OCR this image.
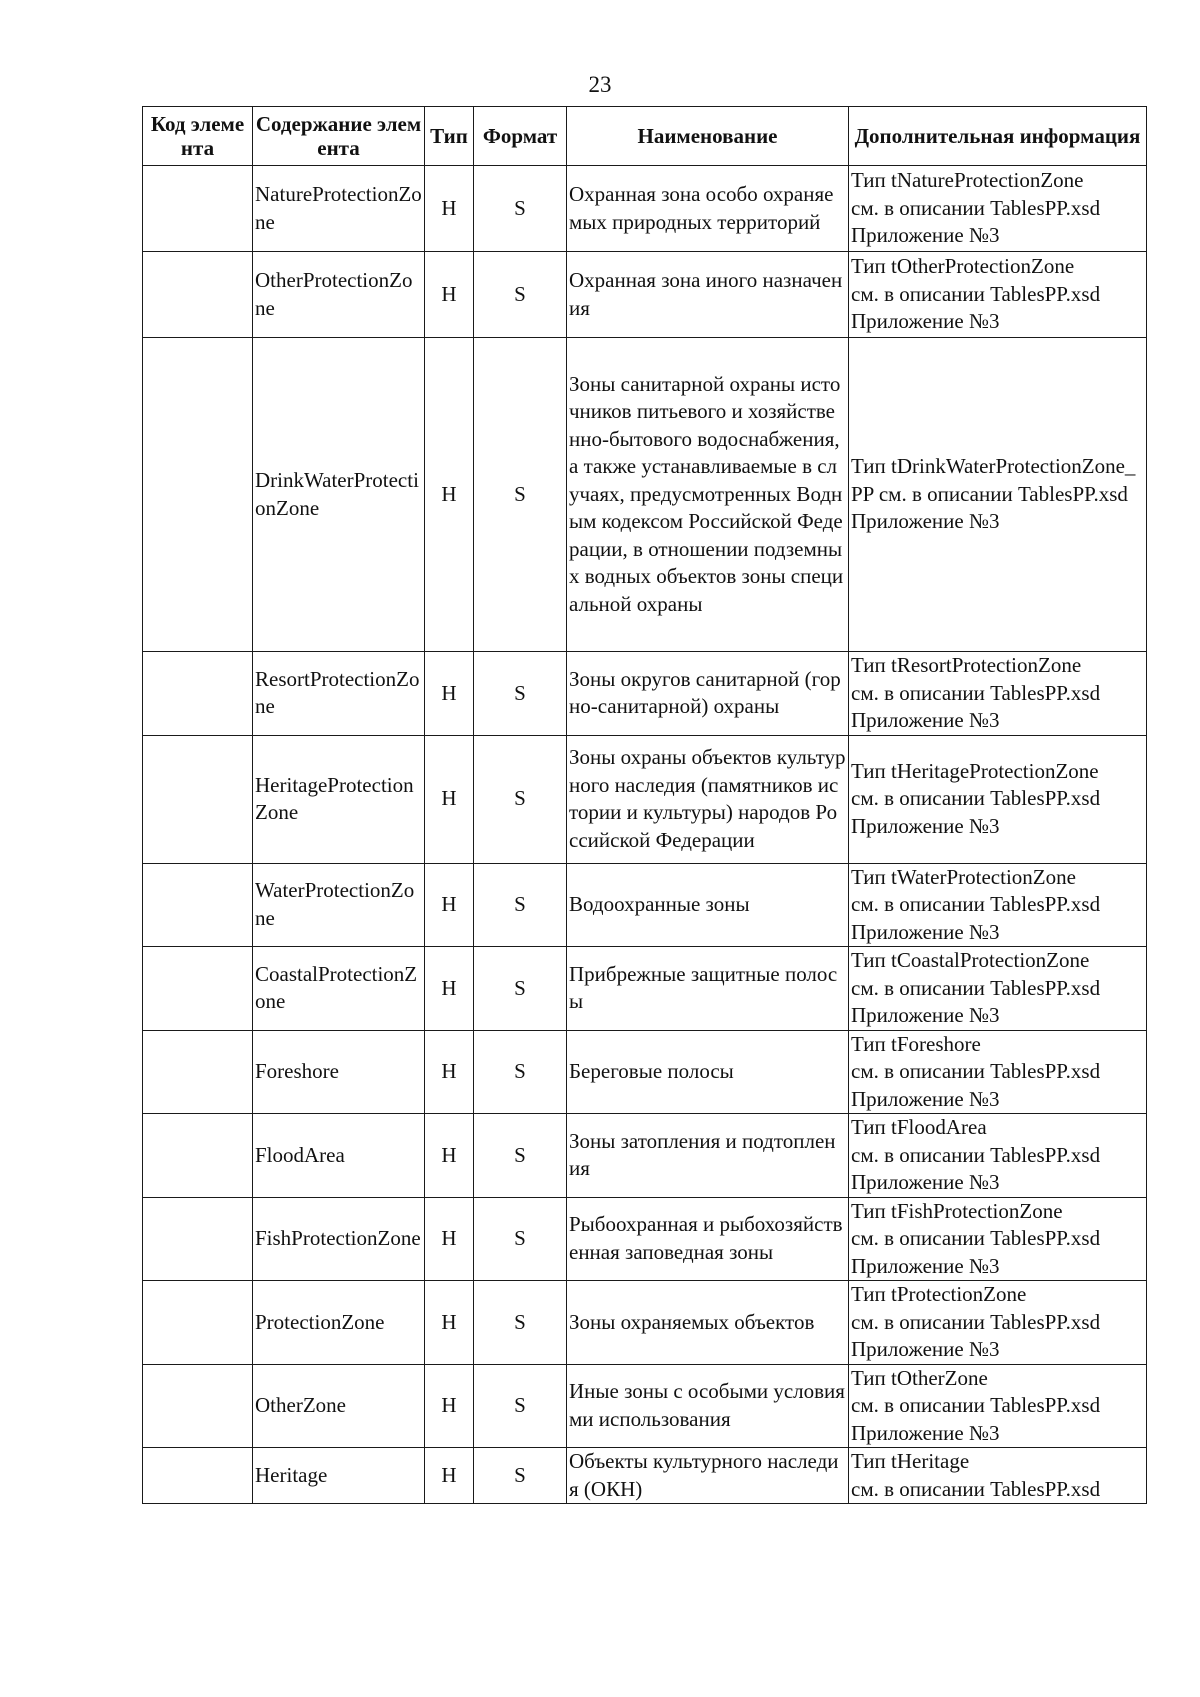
23
Код элемента	Содержание элемента	Тип	Формат	Наименование	Дополнительная информация
	NatureProtectionZone	Н	S	Охранная зона особо охраняемых природных территорий	Тип tNatureProtectionZone
см. в описании TablesPP.xsd
Приложение №3

	OtherProtectionZone	Н	S	Охранная зона иного назначения	Тип tOtherProtectionZone
см. в описании TablesPP.xsd
Приложение №3

	DrinkWaterProtectionZone	Н	S	Зоны санитарной охраны источников питьевого и хозяйственно-бытового водоснабжения, а также устанавливаемые в случаях, предусмотренных Водным кодексом Российской Федерации, в отношении подземных водных объектов зоны специальной охраны	Тип tDrinkWaterProtectionZone_PP см. в описании TablesPP.xsd
Приложение №3

	ResortProtectionZone	Н	S	Зоны округов санитарной (горно-санитарной) охраны	Тип tResortProtectionZone
см. в описании TablesPP.xsd
Приложение №3

	HeritageProtectionZone	Н	S	Зоны охраны объектов культурного наследия (памятников истории и культуры) народов Российской Федерации	Тип tHeritageProtectionZone
см. в описании TablesPP.xsd
Приложение №3

	WaterProtectionZone	Н	S	Водоохранные зоны	Тип tWaterProtectionZone
см. в описании TablesPP.xsd
Приложение №3

	CoastalProtectionZone	Н	S	Прибрежные защитные полосы	Тип tCoastalProtectionZone
см. в описании TablesPP.xsd
Приложение №3

	Foreshore	Н	S	Береговые полосы	Тип tForeshore
см. в описании TablesPP.xsd
Приложение №3

	FloodArea	Н	S	Зоны затопления и подтопления	Тип tFloodArea
см. в описании TablesPP.xsd
Приложение №3

	FishProtectionZone	Н	S	Рыбоохранная и рыбохозяйственная заповедная зоны	Тип tFishProtectionZone
см. в описании TablesPP.xsd
Приложение №3

	ProtectionZone	Н	S	Зоны охраняемых объектов	Тип tProtectionZone
см. в описании TablesPP.xsd
Приложение №3

	OtherZone	Н	S	Иные зоны с особыми условиями использования	Тип tOtherZone
см. в описании TablesPP.xsd
Приложение №3

	Heritage	Н	S	Объекты культурного наследия (ОКН)	Тип tHeritage
см. в описании TablesPP.xsd
